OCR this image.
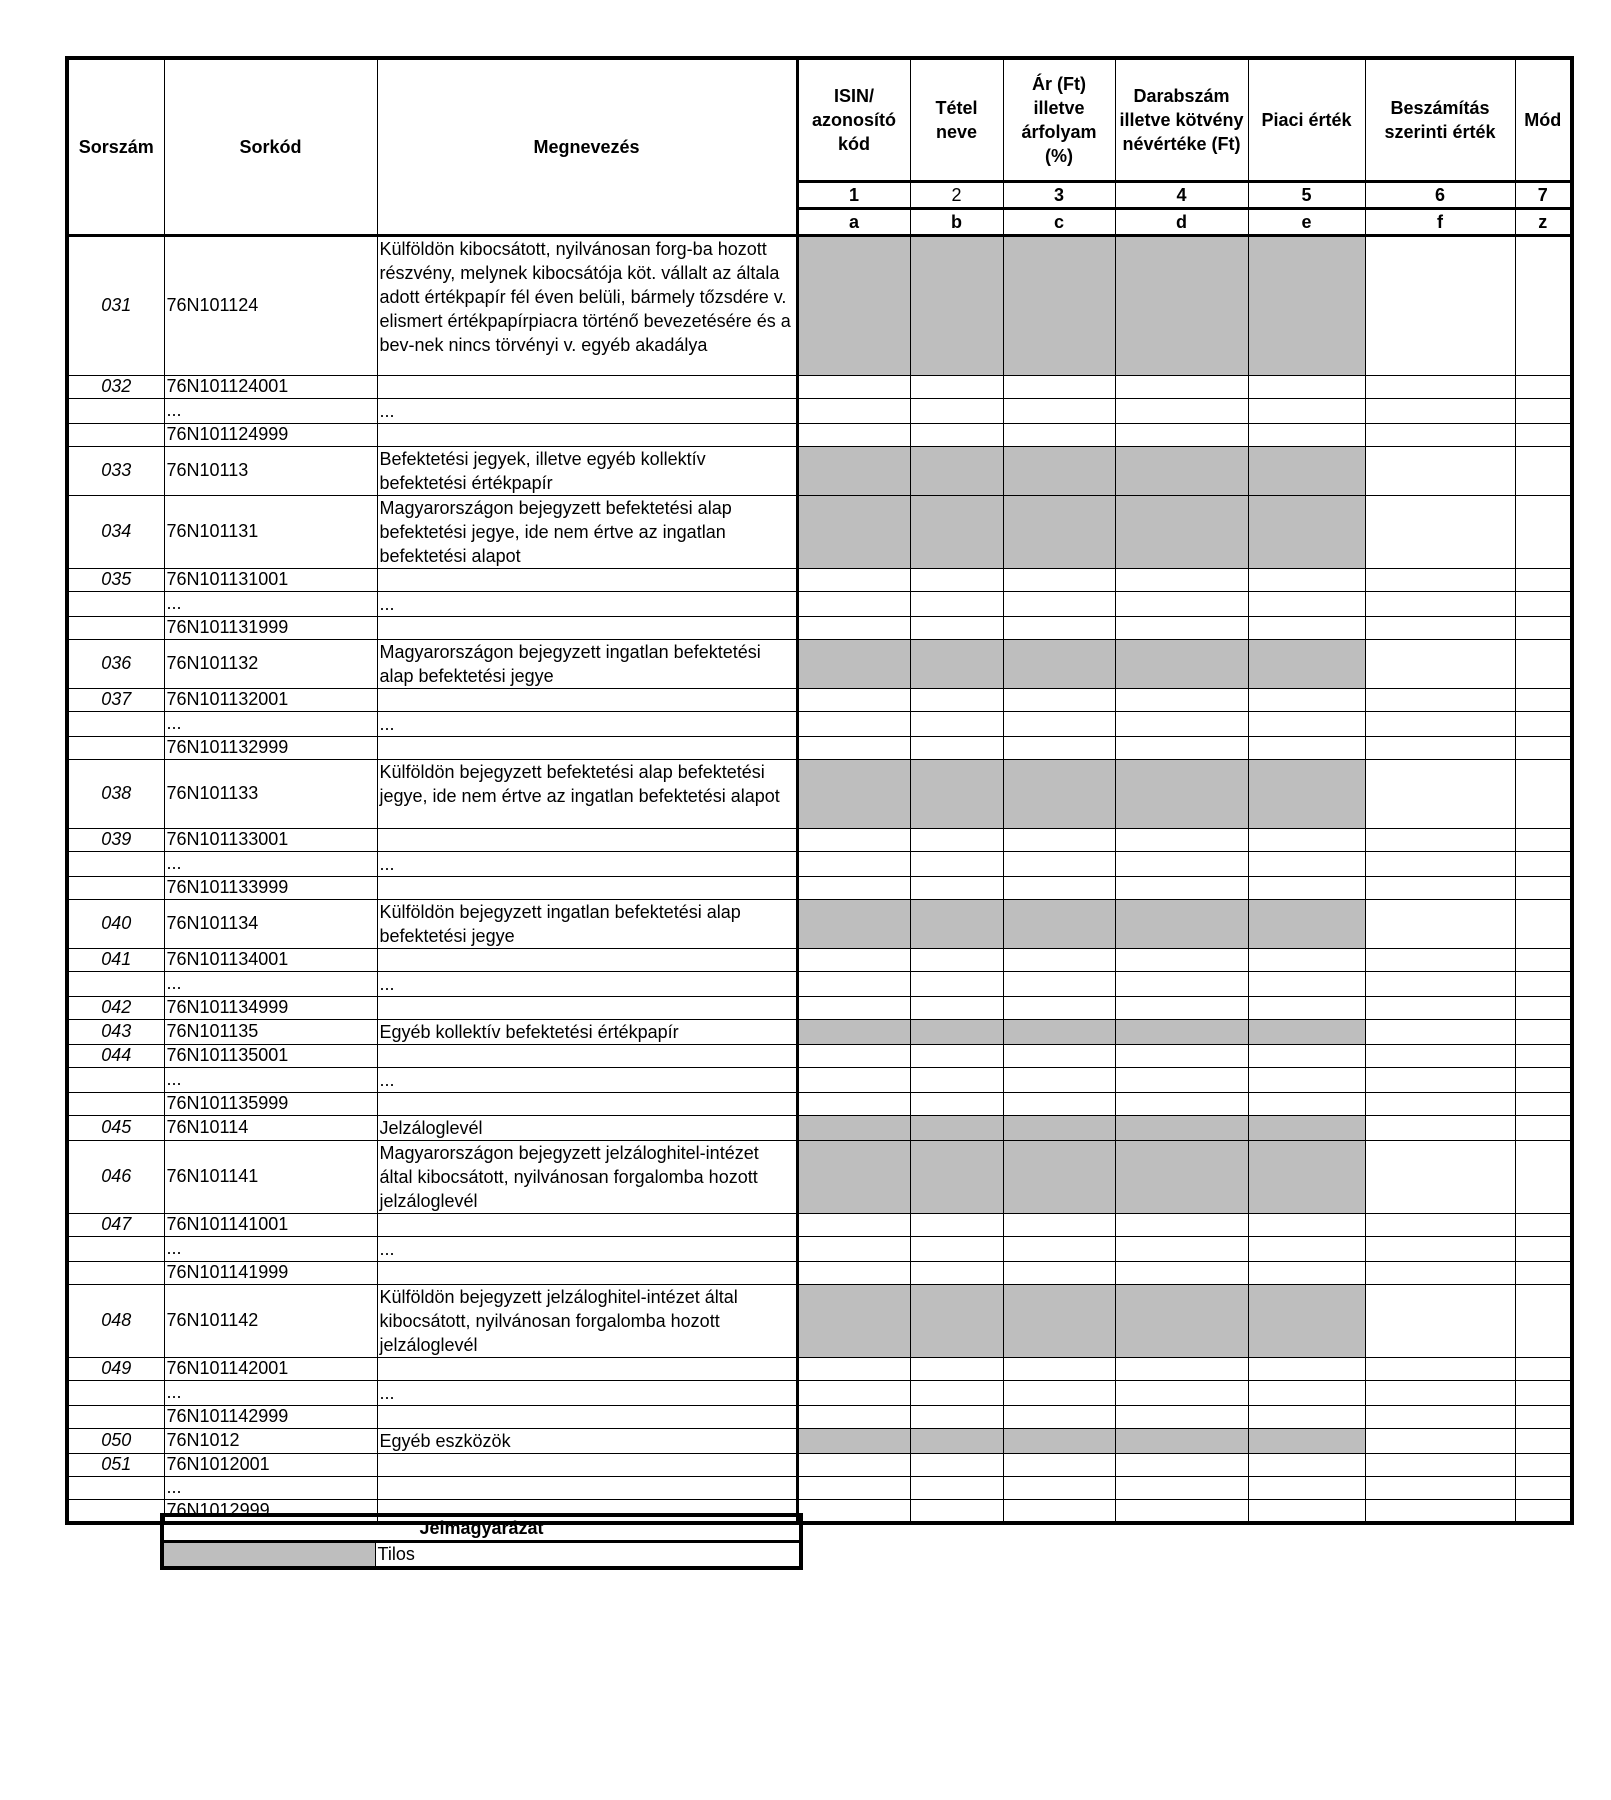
Sorszám	Sorkód	Megnevezés	ISIN/ azonosító kód	Tétel neve	Ár (Ft) illetve árfolyam (%)	Darabszám illetve kötvény névértéke (Ft)	Piaci érték	Beszámítás szerinti érték	Mód
			1	2	3	4	5	6	7
			a	b	c	d	e	f	z
031	76N101124	Külföldön kibocsátott, nyilvánosan forg-ba hozott részvény, melynek kibocsátója köt. vállalt az általa adott értékpapír fél éven belüli, bármely tőzsdére v. elismert értékpapírpiacra történő bevezetésére és a bev-nek nincs törvényi v. egyéb akadálya							
032	76N101124001								
	...	...							
	76N101124999								
033	76N10113	Befektetési jegyek, illetve egyéb kollektív befektetési értékpapír							
034	76N101131	Magyarországon bejegyzett befektetési alap befektetési jegye, ide nem értve az ingatlan befektetési alapot							
035	76N101131001								
	...	...							
	76N101131999								
036	76N101132	Magyarországon bejegyzett ingatlan befektetési alap befektetési jegye							
037	76N101132001								
	...	...							
	76N101132999								
038	76N101133	Külföldön bejegyzett befektetési alap befektetési jegye, ide nem értve az ingatlan befektetési alapot							
039	76N101133001								
	...	...							
	76N101133999								
040	76N101134	Külföldön bejegyzett ingatlan befektetési alap befektetési jegye							
041	76N101134001								
	...	...							
042	76N101134999								
043	76N101135	Egyéb kollektív befektetési értékpapír							
044	76N101135001								
	...	...							
	76N101135999								
045	76N10114	Jelzáloglevél							
046	76N101141	Magyarországon bejegyzett jelzáloghitel-intézet által kibocsátott, nyilvánosan forgalomba hozott jelzáloglevél							
047	76N101141001								
	...	...							
	76N101141999								
048	76N101142	Külföldön bejegyzett jelzáloghitel-intézet által kibocsátott, nyilvánosan forgalomba hozott jelzáloglevél							
049	76N101142001								
	...	...							
	76N101142999								
050	76N1012	Egyéb eszközök							
051	76N1012001								
	...								
	76N1012999								
Jelmagyarázat
	Tilos
